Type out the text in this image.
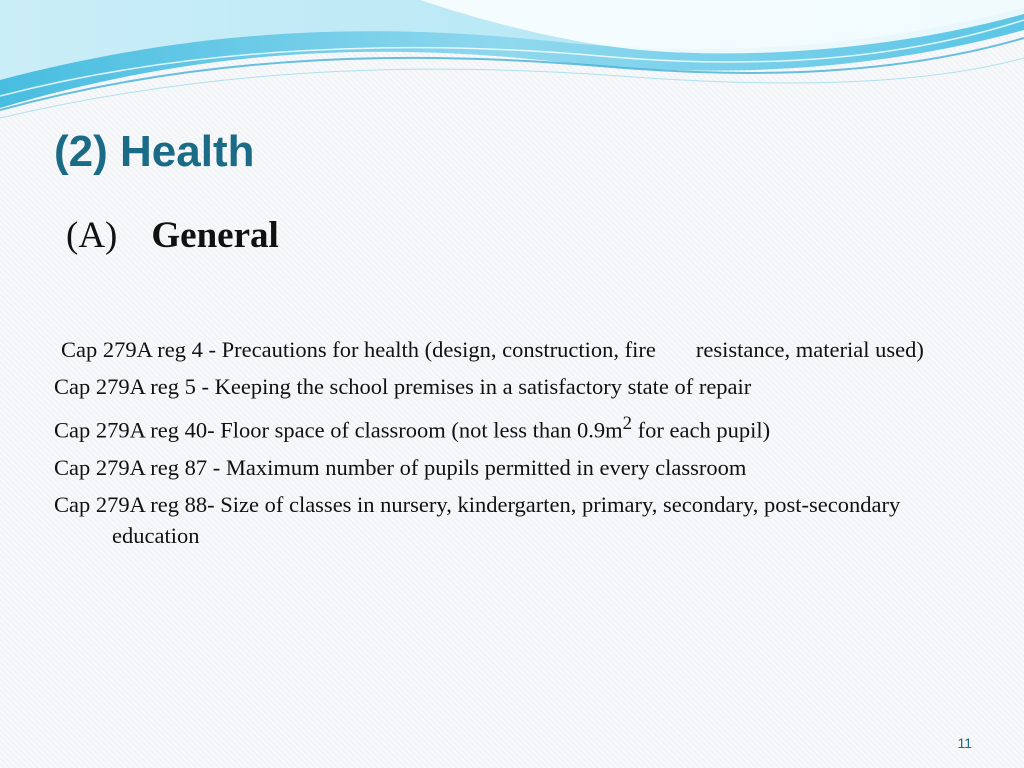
(2) Health
(A) General
Cap 279A reg 4 - Precautions for health (design, construction, fire resistance, material used)
Cap 279A reg 5 - Keeping the school premises in a satisfactory state of repair
Cap 279A reg 40- Floor space of classroom (not less than $0.9m^2$ for each pupil)
Cap 279A reg 87 - Maximum number of pupils permitted in every classroom
Cap 279A reg 88- Size of classes in nursery, kindergarten, primary, secondary, post-secondary education
11
